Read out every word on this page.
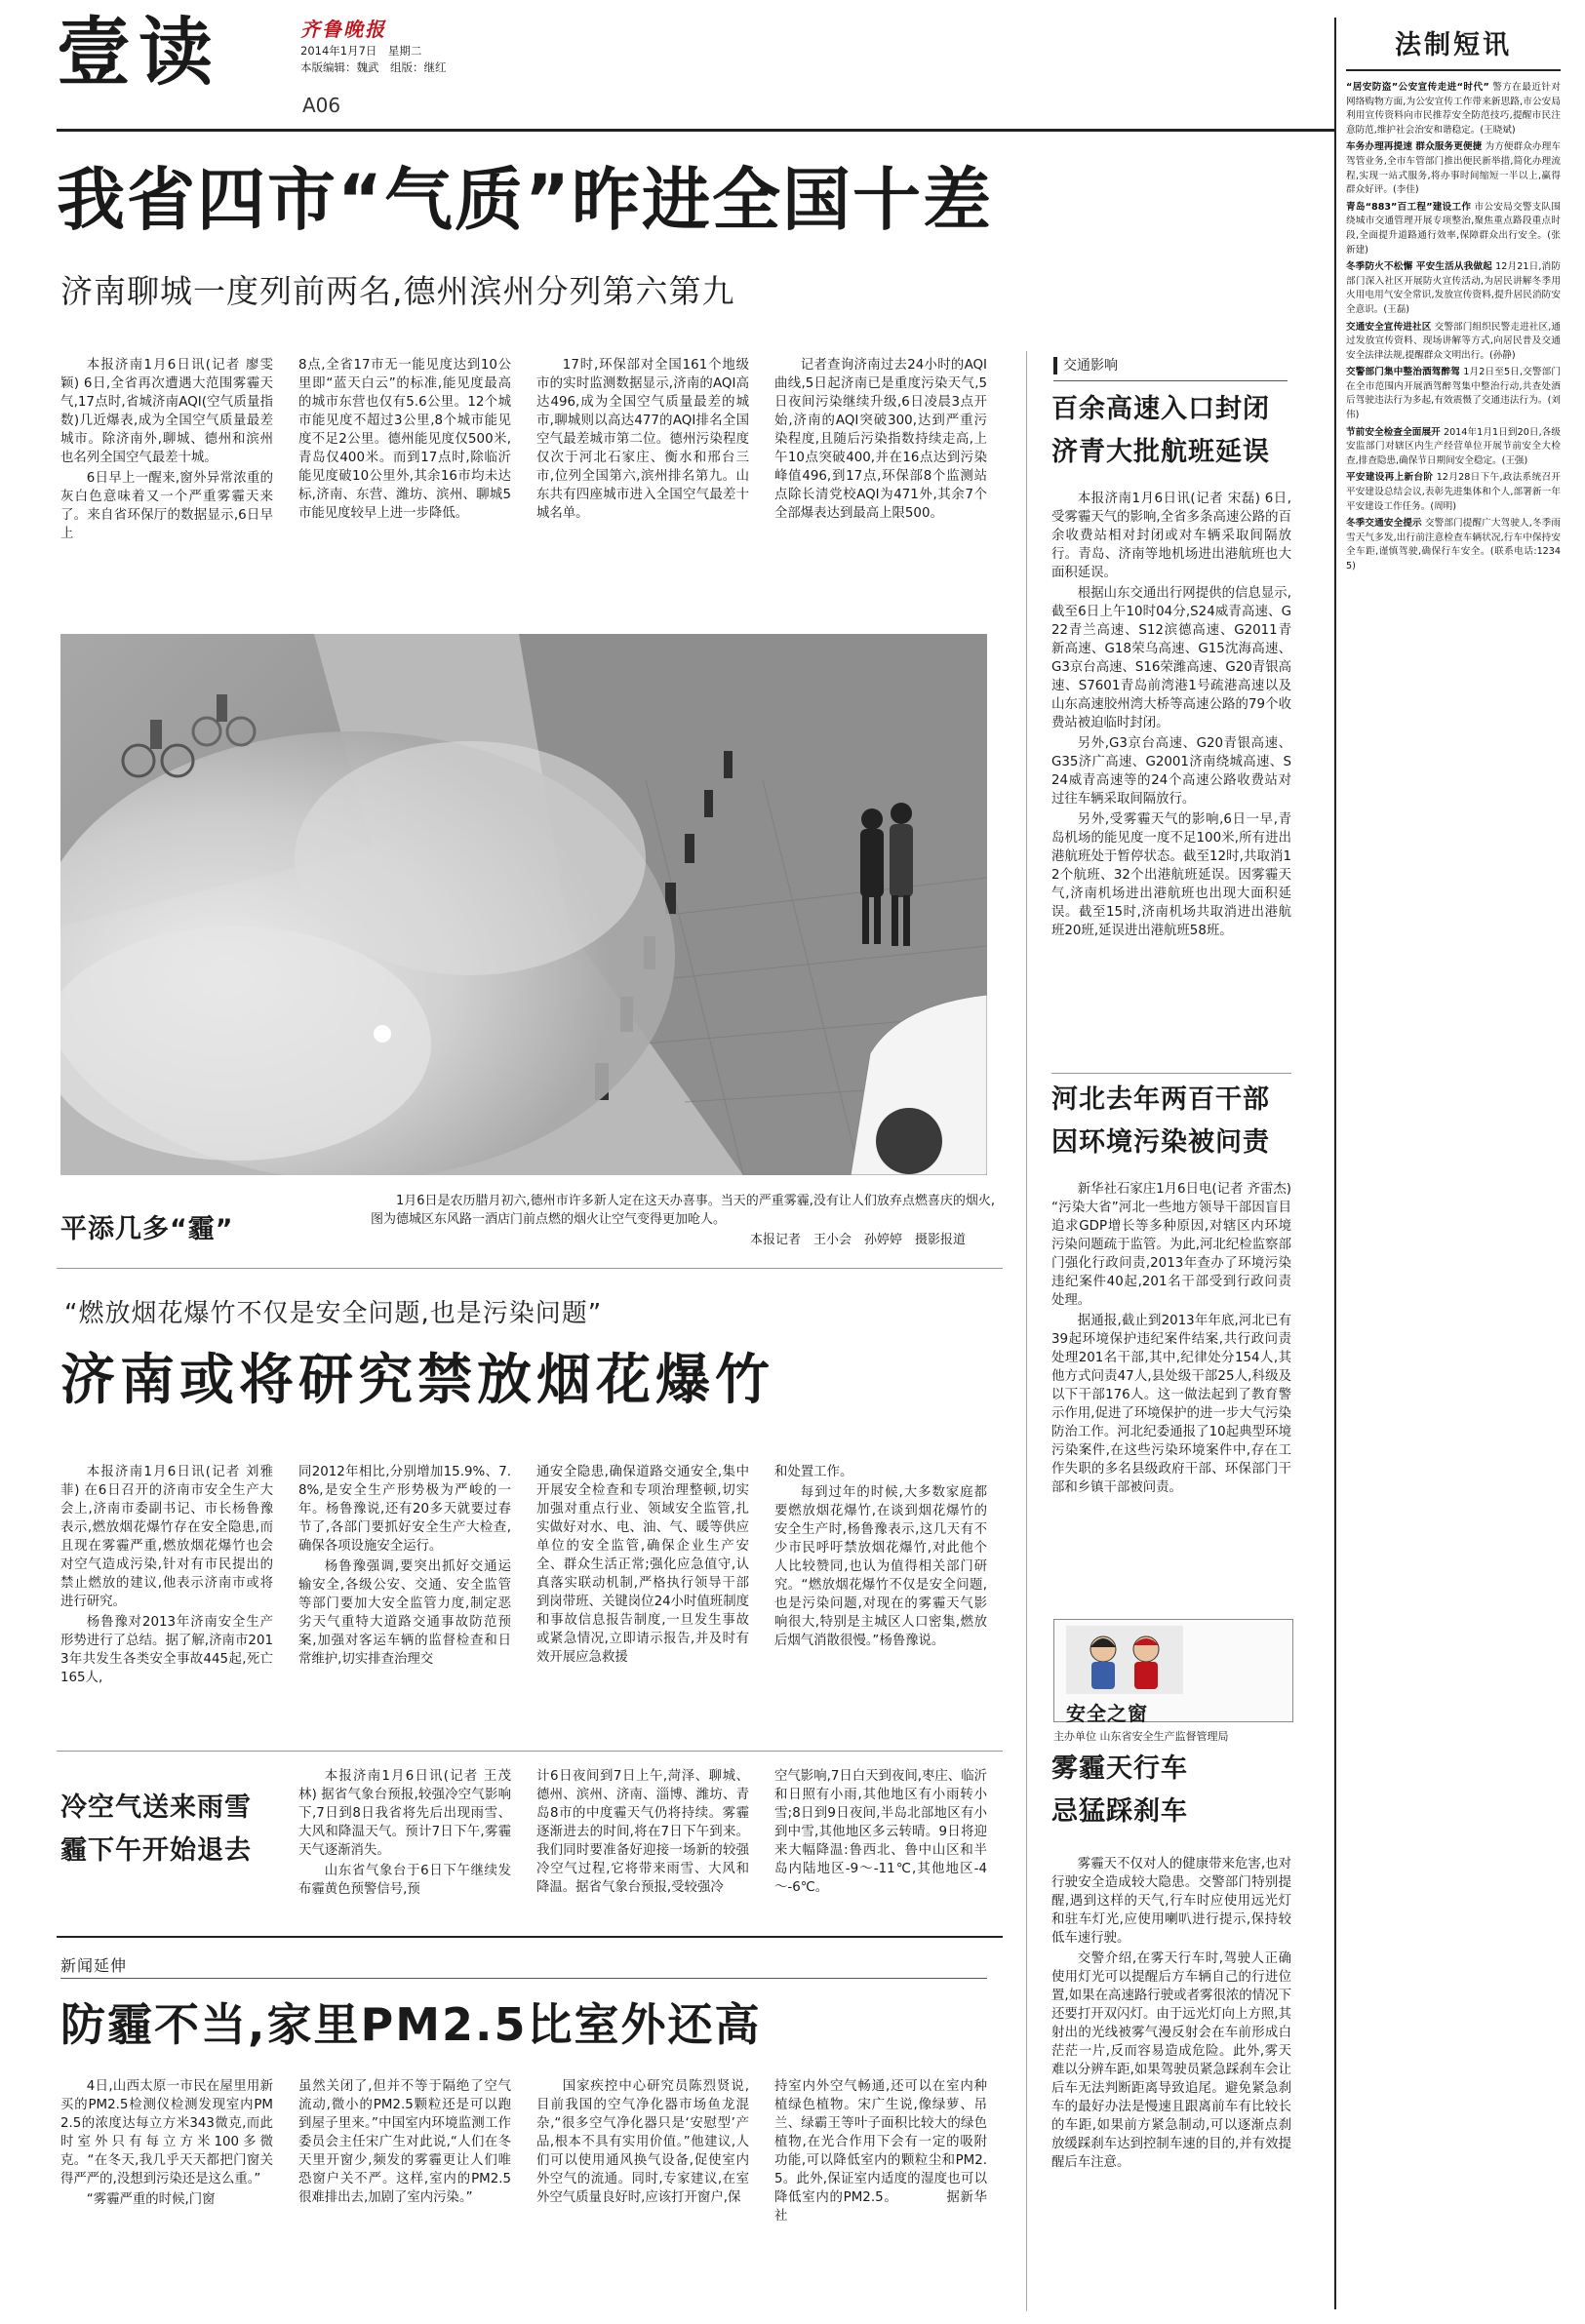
壹读	齐鲁晚报
2014年1月7日　 星期二
本版编辑：魏武　 组版：继红
A06
我省四市“气质”昨进全国十差
济南聊城一度列前两名,德州滨州分列第六第九

本报济南1月6日讯(记者 廖雯颖) 6日,全省再次遭遇大范围雾霾天气,17点时,省城济南AQI(空气质量指数)几近爆表,成为全国空气质量最差城市。除济南外,聊城、德州和滨州也名列全国空气最差十城。

6日早上一醒来,窗外异常浓重的灰白色意味着又一个严重雾霾天来了。来自省环保厅的数据显示,6日早上

8点,全省17市无一能见度达到10公里即“蓝天白云”的标准,能见度最高的城市东营也仅有5.6公里。12个城市能见度不超过3公里,8个城市能见度不足2公里。德州能见度仅500米,青岛仅400米。而到17点时,除临沂能见度破10公里外,其余16市均未达标,济南、东营、潍坊、滨州、聊城5市能见度较早上进一步降低。

17时,环保部对全国161个地级市的实时监测数据显示,济南的AQI高达496,成为全国空气质量最差的城市,聊城则以高达477的AQI排名全国空气最差城市第二位。德州污染程度仅次于河北石家庄、衡水和邢台三市,位列全国第六,滨州排名第九。山东共有四座城市进入全国空气最差十城名单。

记者查询济南过去24小时的AQI曲线,5日起济南已是重度污染天气,5日夜间污染继续升级,6日凌晨3点开始,济南的AQI突破300,达到严重污染程度,且随后污染指数持续走高,上午10点突破400,并在16点达到污染峰值496,到17点,环保部8个监测站点除长清党校AQI为471外,其余7个全部爆表达到最高上限500。

平添几多“霾”
1月6日是农历腊月初六,德州市许多新人定在这天办喜事。当天的严重雾霾,没有让人们放弃点燃喜庆的烟火,图为德城区东风路一酒店门前点燃的烟火让空气变得更加呛人。
本报记者　王小会　孙婷婷　摄影报道
“燃放烟花爆竹不仅是安全问题,也是污染问题”
济南或将研究禁放烟花爆竹

本报济南1月6日讯(记者 刘雅菲) 在6日召开的济南市安全生产大会上,济南市委副书记、市长杨鲁豫表示,燃放烟花爆竹存在安全隐患,而且现在雾霾严重,燃放烟花爆竹也会对空气造成污染,针对有市民提出的禁止燃放的建议,他表示济南市或将进行研究。

杨鲁豫对2013年济南安全生产形势进行了总结。据了解,济南市2013年共发生各类安全事故445起,死亡165人,

同2012年相比,分别增加15.9%、7.8%,是安全生产形势极为严峻的一年。杨鲁豫说,还有20多天就要过春节了,各部门要抓好安全生产大检查,确保各项设施安全运行。

杨鲁豫强调,要突出抓好交通运输安全,各级公安、交通、安全监管等部门要加大安全监管力度,制定恶劣天气重特大道路交通事故防范预案,加强对客运车辆的监督检查和日常维护,切实排查治理交

通安全隐患,确保道路交通安全,集中开展安全检查和专项治理整顿,切实加强对重点行业、领域安全监管,扎实做好对水、电、油、气、暖等供应单位的安全监管,确保企业生产安全、群众生活正常;强化应急值守,认真落实联动机制,严格执行领导干部到岗带班、关键岗位24小时值班制度和事故信息报告制度,一旦发生事故或紧急情况,立即请示报告,并及时有效开展应急救援

和处置工作。

每到过年的时候,大多数家庭都要燃放烟花爆竹,在谈到烟花爆竹的安全生产时,杨鲁豫表示,这几天有不少市民呼吁禁放烟花爆竹,对此他个人比较赞同,也认为值得相关部门研究。“燃放烟花爆竹不仅是安全问题,也是污染问题,对现在的雾霾天气影响很大,特别是主城区人口密集,燃放后烟气消散很慢。”杨鲁豫说。

冷空气送来雨雪
霾下午开始退去

本报济南1月6日讯(记者 王茂林) 据省气象台预报,较强冷空气影响下,7日到8日我省将先后出现雨雪、大风和降温天气。预计7日下午,雾霾天气逐渐消失。

山东省气象台于6日下午继续发布霾黄色预警信号,预

计6日夜间到7日上午,菏泽、聊城、德州、滨州、济南、淄博、潍坊、青岛8市的中度霾天气仍将持续。雾霾逐渐进去的时间,将在7日下午到来。我们同时要准备好迎接一场新的较强冷空气过程,它将带来雨雪、大风和降温。据省气象台预报,受较强冷

空气影响,7日白天到夜间,枣庄、临沂和日照有小雨,其他地区有小雨转小雪;8日到9日夜间,半岛北部地区有小到中雪,其他地区多云转晴。9日将迎来大幅降温:鲁西北、鲁中山区和半岛内陆地区-9～-11℃,其他地区-4～-6℃。

新闻延伸
防霾不当,家里PM2.5比室外还高

4日,山西太原一市民在屋里用新买的PM2.5检测仪检测发现室内PM2.5的浓度达每立方米343微克,而此时室外只有每立方米100多微克。“在冬天,我几乎天天都把门窗关得严严的,没想到污染还是这么重。”

“雾霾严重的时候,门窗

虽然关闭了,但并不等于隔绝了空气流动,微小的PM2.5颗粒还是可以跑到屋子里来。”中国室内环境监测工作委员会主任宋广生对此说,“人们在冬天里开窗少,频发的雾霾更让人们唯恐窗户关不严。这样,室内的PM2.5很难排出去,加剧了室内污染。”

国家疾控中心研究员陈烈贤说,目前我国的空气净化器市场鱼龙混杂,“很多空气净化器只是‘安慰型’产品,根本不具有实用价值。”他建议,人们可以使用通风换气设备,促使室内外空气的流通。同时,专家建议,在室外空气质量良好时,应该打开窗户,保

持室内外空气畅通,还可以在室内种植绿色植物。宋广生说,像绿萝、吊兰、绿霸王等叶子面积比较大的绿色植物,在光合作用下会有一定的吸附功能,可以降低室内的颗粒尘和PM2.5。此外,保证室内适度的湿度也可以降低室内的PM2.5。　　　　据新华社

交通影响
百余高速入口封闭
济青大批航班延误

本报济南1月6日讯(记者 宋磊) 6日,受雾霾天气的影响,全省多条高速公路的百余收费站相对封闭或对车辆采取间隔放行。青岛、济南等地机场进出港航班也大面积延误。

根据山东交通出行网提供的信息显示,截至6日上午10时04分,S24威青高速、G22青兰高速、S12滨德高速、G2011青新高速、G18荣乌高速、G15沈海高速、G3京台高速、S16荣潍高速、G20青银高速、S7601青岛前湾港1号疏港高速以及山东高速胶州湾大桥等高速公路的79个收费站被迫临时封闭。

另外,G3京台高速、G20青银高速、G35济广高速、G2001济南绕城高速、S24威青高速等的24个高速公路收费站对过往车辆采取间隔放行。

另外,受雾霾天气的影响,6日一早,青岛机场的能见度一度不足100米,所有进出港航班处于暂停状态。截至12时,共取消12个航班、32个出港航班延误。因雾霾天气,济南机场进出港航班也出现大面积延误。截至15时,济南机场共取消进出港航班20班,延误进出港航班58班。

河北去年两百干部
因环境污染被问责

新华社石家庄1月6日电(记者 齐雷杰) “污染大省”河北一些地方领导干部因盲目追求GDP增长等多种原因,对辖区内环境污染问题疏于监管。为此,河北纪检监察部门强化行政问责,2013年查办了环境污染违纪案件40起,201名干部受到行政问责处理。

据通报,截止到2013年年底,河北已有39起环境保护违纪案件结案,共行政问责处理201名干部,其中,纪律处分154人,其他方式问责47人,县处级干部25人,科级及以下干部176人。这一做法起到了教育警示作用,促进了环境保护的进一步大气污染防治工作。河北纪委通报了10起典型环境污染案件,在这些污染环境案件中,存在工作失职的多名县级政府干部、环保部门干部和乡镇干部被问责。

安全之窗
主办单位 山东省安全生产监督管理局
雾霾天行车
忌猛踩刹车

雾霾天不仅对人的健康带来危害,也对行驶安全造成较大隐患。交警部门特别提醒,遇到这样的天气,行车时应使用远光灯和驻车灯光,应使用喇叭进行提示,保持较低车速行驶。

交警介绍,在雾天行车时,驾驶人正确使用灯光可以提醒后方车辆自己的行进位置,如果在高速路行驶或者雾很浓的情况下还要打开双闪灯。由于远光灯向上方照,其射出的光线被雾气漫反射会在车前形成白茫茫一片,反而容易造成危险。此外,雾天难以分辨车距,如果驾驶员紧急踩刹车会让后车无法判断距离导致追尾。避免紧急刹车的最好办法是慢速且跟离前车有比较长的车距,如果前方紧急制动,可以逐渐点刹放缓踩刹车达到控制车速的目的,并有效提醒后车注意。

法制短讯

“居安防盗”公安宣传走进“时代” 警方在最近针对网络购物方面,为公安宣传工作带来新思路,市公安局利用宣传资料向市民推荐安全防范技巧,提醒市民注意防范,维护社会治安和谐稳定。(王晓斌)

车务办理再提速 群众服务更便捷 为方便群众办理车驾管业务,全市车管部门推出便民新举措,简化办理流程,实现一站式服务,将办事时间缩短一半以上,赢得群众好评。(李佳)

青岛“883”百工程”建设工作 市公安局交警支队围绕城市交通管理开展专项整治,聚焦重点路段重点时段,全面提升道路通行效率,保障群众出行安全。(张新建)

冬季防火不松懈 平安生活从我做起 12月21日,消防部门深入社区开展防火宣传活动,为居民讲解冬季用火用电用气安全常识,发放宣传资料,提升居民消防安全意识。(王磊)

交通安全宣传进社区 交警部门组织民警走进社区,通过发放宣传资料、现场讲解等方式,向居民普及交通安全法律法规,提醒群众文明出行。(孙静)

交警部门集中整治酒驾醉驾 1月2日至5日,交警部门在全市范围内开展酒驾醉驾集中整治行动,共查处酒后驾驶违法行为多起,有效震慑了交通违法行为。(刘伟)

节前安全检查全面展开 2014年1月1日到20日,各级安监部门对辖区内生产经营单位开展节前安全大检查,排查隐患,确保节日期间安全稳定。(王强)

平安建设再上新台阶 12月28日下午,政法系统召开平安建设总结会议,表彰先进集体和个人,部署新一年平安建设工作任务。(周明)

冬季交通安全提示 交警部门提醒广大驾驶人,冬季雨雪天气多发,出行前注意检查车辆状况,行车中保持安全车距,谨慎驾驶,确保行车安全。(联系电话:12345)
